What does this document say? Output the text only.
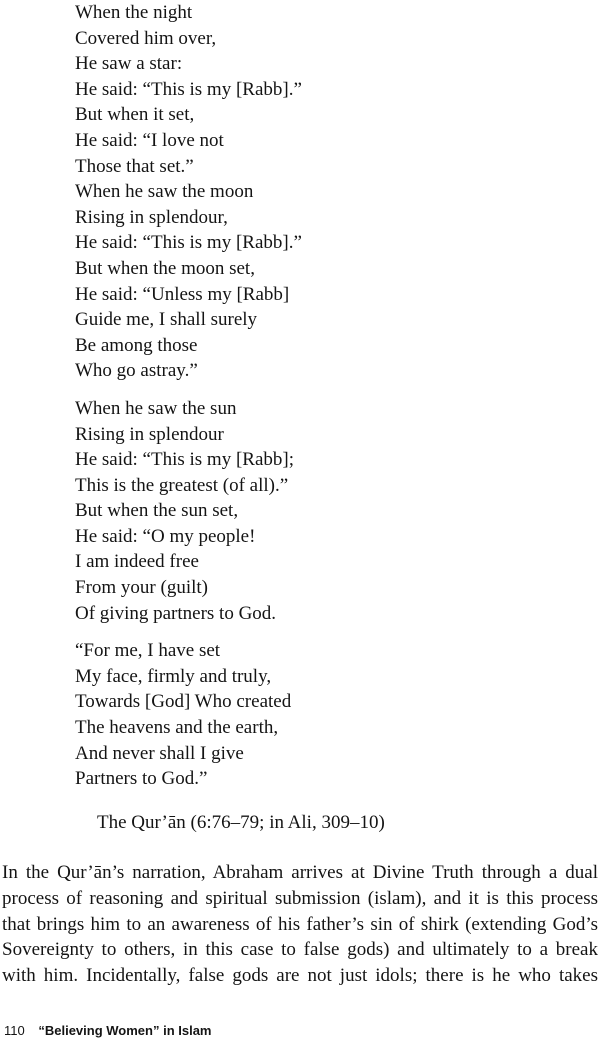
When the night
Covered him over,
He saw a star:
He said: “This is my [Rabb].”
But when it set,
He said: “I love not
Those that set.”
When he saw the moon
Rising in splendour,
He said: “This is my [Rabb].”
But when the moon set,
He said: “Unless my [Rabb]
Guide me, I shall surely
Be among those
Who go astray.”
When he saw the sun
Rising in splendour
He said: “This is my [Rabb];
This is the greatest (of all).”
But when the sun set,
He said: “O my people!
I am indeed free
From your (guilt)
Of giving partners to God.
“For me, I have set
My face, firmly and truly,
Towards [God] Who created
The heavens and the earth,
And never shall I give
Partners to God.”

The Qur’ān (6:76–79; in Ali, 309–10)

In the Qur’ān’s narration, Abraham arrives at Divine Truth through a dual
process of reasoning and spiritual submission (islam), and it is this process
that brings him to an awareness of his father’s sin of shirk (extending God’s
Sovereignty to others, in this case to false gods) and ultimately to a break
with him. Incidentally, false gods are not just idols; there is he who takes
110 “Believing Women” in Islam
